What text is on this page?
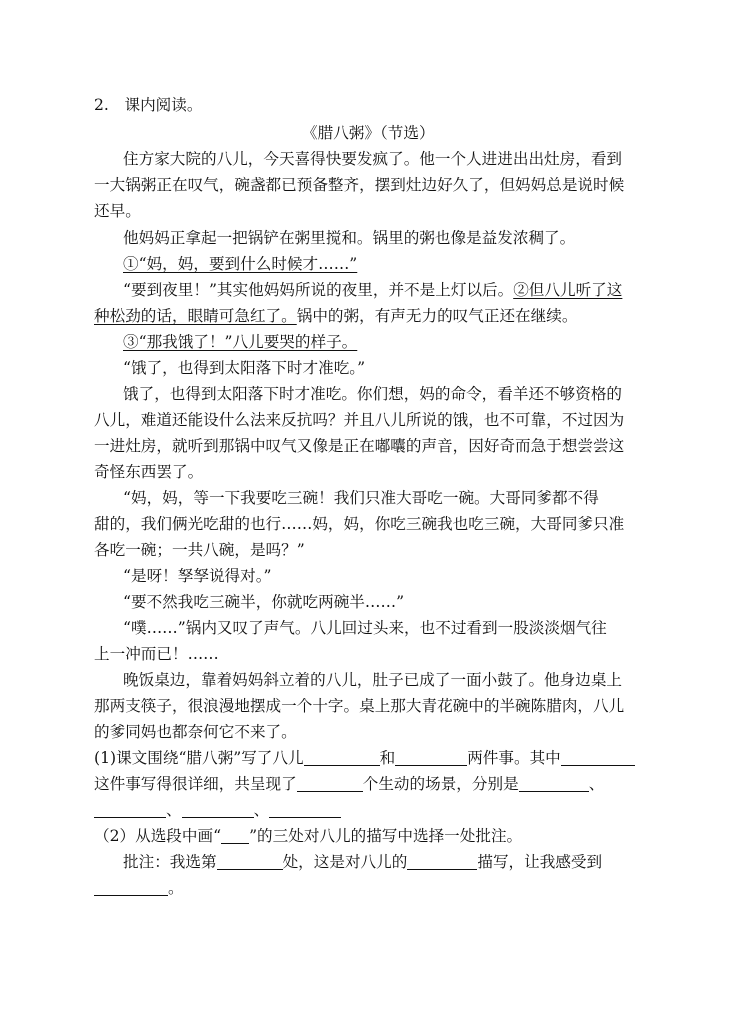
2.　课内阅读。
《腊八粥》（节选）
住方家大院的八儿，今天喜得快要发疯了。他一个人进进出出灶房，看到
一大锅粥正在叹气，碗盏都已预备整齐，摆到灶边好久了，但妈妈总是说时候
还早。
他妈妈正拿起一把锅铲在粥里搅和。锅里的粥也像是益发浓稠了。
①“妈，妈，要到什么时候才……”
“要到夜里！”其实他妈妈所说的夜里，并不是上灯以后。②但八儿听了这
种松劲的话，眼睛可急红了。锅中的粥，有声无力的叹气正还在继续。
③“那我饿了！”八儿要哭的样子。
“饿了，也得到太阳落下时才准吃。”
饿了，也得到太阳落下时才准吃。你们想，妈的命令，看羊还不够资格的
八儿，难道还能设什么法来反抗吗？并且八儿所说的饿，也不可靠，不过因为
一进灶房，就听到那锅中叹气又像是正在嘟囔的声音，因好奇而急于想尝尝这
奇怪东西罢了。
“妈，妈，等一下我要吃三碗！我们只准大哥吃一碗。大哥同爹都不得
甜的，我们俩光吃甜的也行……妈，妈，你吃三碗我也吃三碗，大哥同爹只准
各吃一碗；一共八碗，是吗？”
“是呀！孥孥说得对。”
“要不然我吃三碗半，你就吃两碗半……”
“噗……”锅内又叹了声气。八儿回过头来，也不过看到一股淡淡烟气往
上一冲而已！……
晚饭桌边，靠着妈妈斜立着的八儿，肚子已成了一面小鼓了。他身边桌上
那两支筷子，很浪漫地摆成一个十字。桌上那大青花碗中的半碗陈腊肉，八儿
的爹同妈也都奈何它不来了。
(1)课文围绕“腊八粥”写了八儿	和	两件事。其中
这件事写得很详细，共呈现了	个生动的场景，分别是	、
、	、
（2）从选段中画“ ”的三处对八儿的描写中选择一处批注。
批注：我选第	处，这是对八儿的	描写，让我感受到
。
